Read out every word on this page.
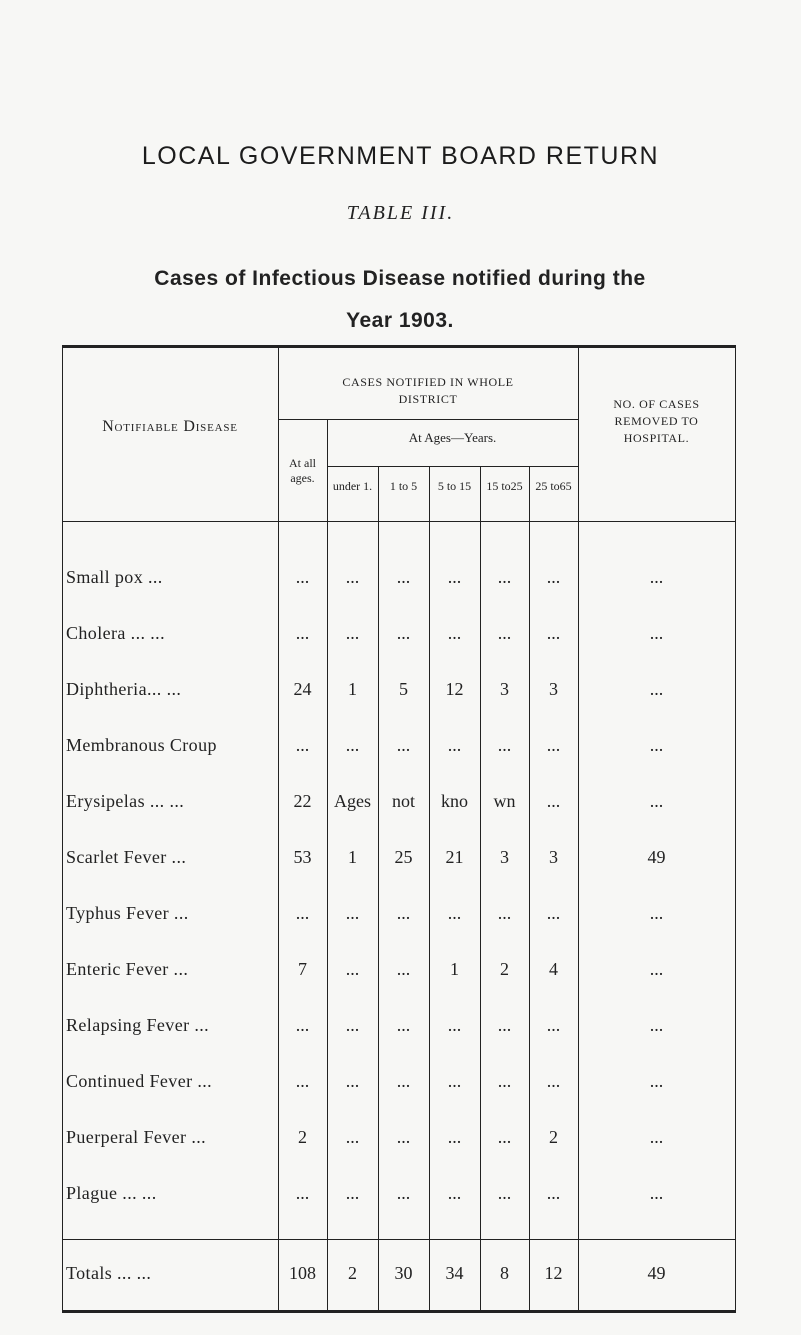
LOCAL GOVERNMENT BOARD RETURN
TABLE III.
Cases of Infectious Disease notified during the
Year 1903.
Notifiable Disease
CASES NOTIFIED IN WHOLE
DISTRICT
At all
ages.
At Ages—Years.
under 1.	1 to 5	5 to 15	15 to25	25 to65
NO. OF CASES
REMOVED TO
HOSPITAL.
Small pox ...	...	...	...	...	...	...	...
Cholera ... ...	...	...	...	...	...	...	...
Diphtheria... ...	24	1	5	12	3	3	...
Membranous Croup	...	...	...	...	...	...	...
Erysipelas ... ...	22	Ages	not	kno	wn	...	...
Scarlet Fever ...	53	1	25	21	3	3	49
Typhus Fever ...	...	...	...	...	...	...	...
Enteric Fever ...	7	...	...	1	2	4	...
Relapsing Fever ...	...	...	...	...	...	...	...
Continued Fever ...	...	...	...	...	...	...	...
Puerperal Fever ...	2	...	...	...	...	2	...
Plague ... ...	...	...	...	...	...	...	...
Totals ... ...	108	2	30	34	8	12	49
